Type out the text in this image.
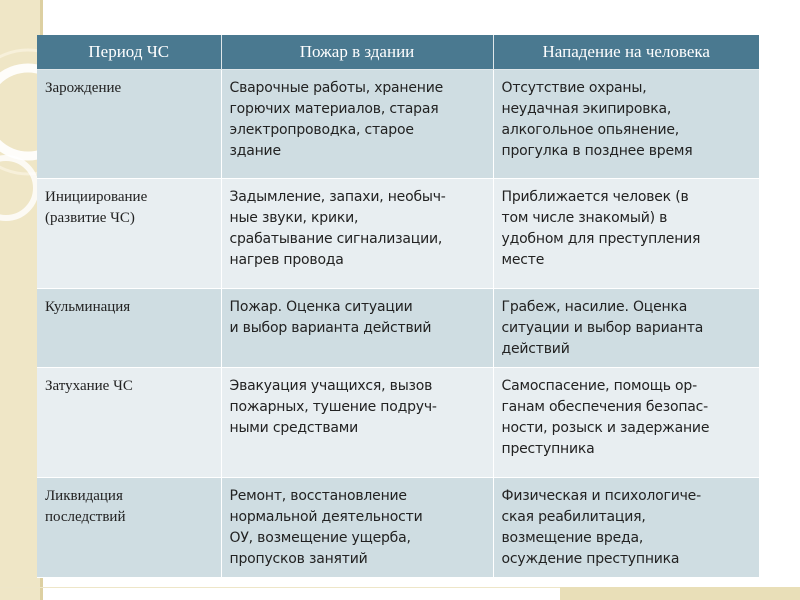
Период ЧС	Пожар в здании	Нападение на человека

Зарождение	Сварочные работы, хранение
горючих материалов, старая
электропроводка, старое
здание	Отсутствие охраны,
неудачная экипировка,
алкогольное опьянение,
прогулка в позднее время

Инициирование
(развитие ЧС)	Задымление, запахи, необыч-
ные звуки, крики,
срабатывание сигнализации,
нагрев провода	Приближается человек (в
том числе знакомый) в
удобном для преступления
месте

Кульминация	Пожар. Оценка ситуации
и выбор варианта действий	Грабеж, насилие. Оценка
ситуации и выбор варианта
действий

Затухание ЧС	Эвакуация учащихся, вызов
пожарных, тушение подруч-
ными средствами	Самоспасение, помощь ор-
ганам обеспечения безопас-
ности, розыск и задержание
преступника

Ликвидация
последствий	Ремонт, восстановление
нормальной деятельности
ОУ, возмещение ущерба,
пропусков занятий	Физическая и психологиче-
ская реабилитация,
возмещение вреда,
осуждение преступника
